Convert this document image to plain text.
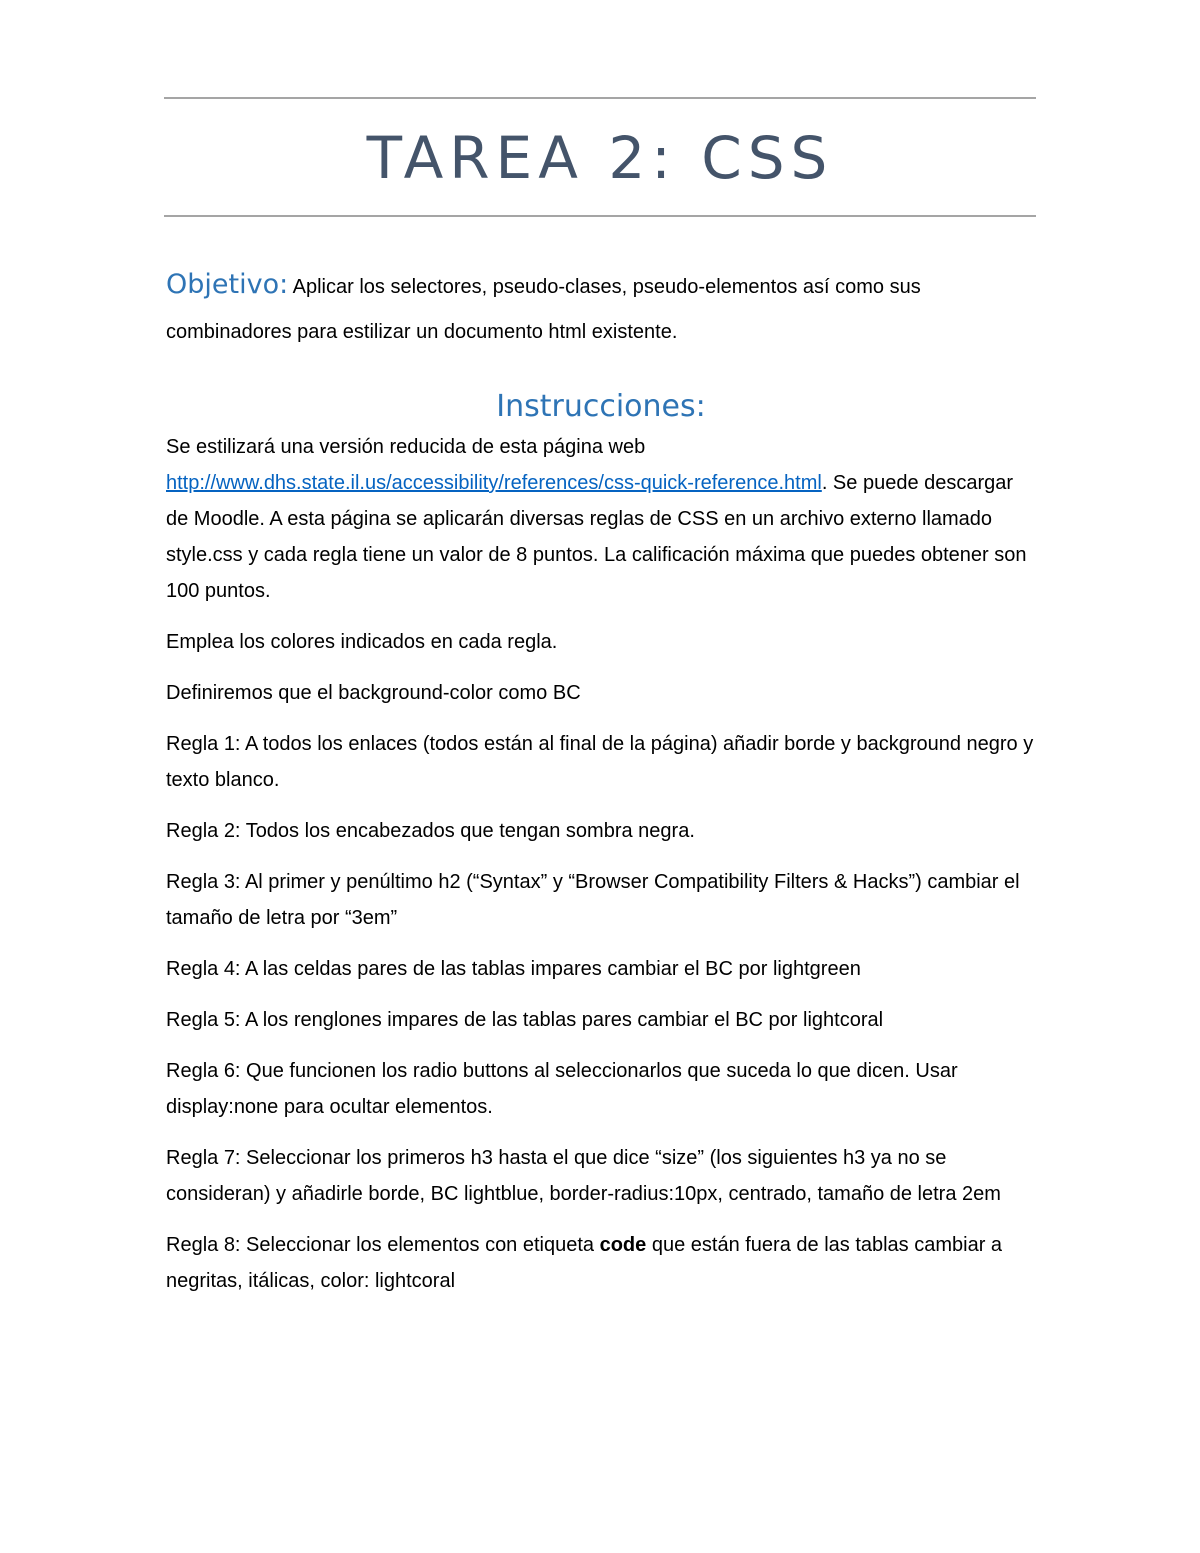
TAREA 2: CSS

Objetivo: Aplicar los selectores, pseudo-clases, pseudo-elementos así como sus combinadores para estilizar un documento html existente.

Instrucciones:

Se estilizará una versión reducida de esta página web http://www.dhs.state.il.us/accessibility/references/css-quick-reference.html. Se puede descargar de Moodle. A esta página se aplicarán diversas reglas de CSS en un archivo externo llamado style.css y cada regla tiene un valor de 8 puntos. La calificación máxima que puedes obtener son 100 puntos.

Emplea los colores indicados en cada regla.

Definiremos que el background-color como BC

Regla 1: A todos los enlaces (todos están al final de la página) añadir borde y background negro y texto blanco.

Regla 2: Todos los encabezados que tengan sombra negra.

Regla 3: Al primer y penúltimo h2 (“Syntax” y “Browser Compatibility Filters & Hacks”) cambiar el tamaño de letra por “3em”

Regla 4: A las celdas pares de las tablas impares cambiar el BC por lightgreen

Regla 5: A los renglones impares de las tablas pares cambiar el BC por lightcoral

Regla 6: Que funcionen los radio buttons al seleccionarlos que suceda lo que dicen. Usar display:none para ocultar elementos.

Regla 7: Seleccionar los primeros h3 hasta el que dice “size” (los siguientes h3 ya no se consideran) y añadirle borde, BC lightblue, border-radius:10px, centrado, tamaño de letra 2em

Regla 8: Seleccionar los elementos con etiqueta code que están fuera de las tablas cambiar a negritas, itálicas, color: lightcoral
